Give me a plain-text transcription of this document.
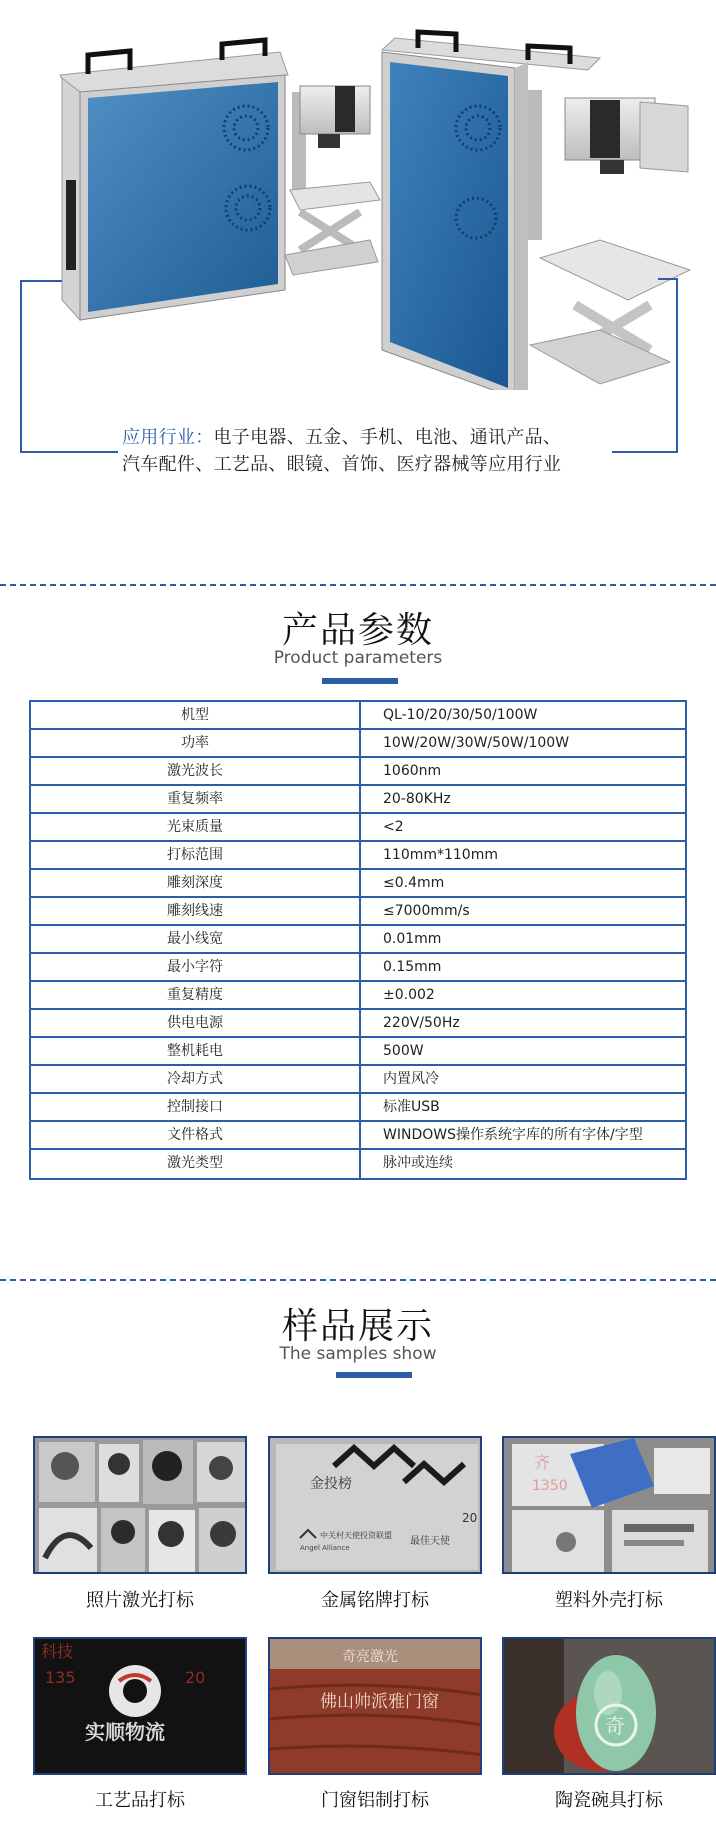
应用行业：电子电器、五金、手机、电池、通讯产品、
汽车配件、工艺品、眼镜、首饰、医疗器械等应用行业
产品参数
Product parameters
机型	QL-10/20/30/50/100W
功率	10W/20W/30W/50W/100W
激光波长	1060nm
重复频率	20-80KHz
光束质量	<2
打标范围	110mm*110mm
雕刻深度	≤0.4mm
雕刻线速	≤7000mm/s
最小线宽	0.01mm
最小字符	0.15mm
重复精度	±0.002
供电电源	220V/50Hz
整机耗电	500W
冷却方式	内置风冷
控制接口	标准USB
文件格式	WINDOWS操作系统字库的所有字体/字型
激光类型	脉冲或连续
样品展示
The samples show
照片激光打标
金投榜
中关村天使投资联盟
Angel Alliance
最佳天使
20
金属铭牌打标
齐
1350
塑料外壳打标
科技
135	20
实顺物流
工艺品打标
奇亮激光
佛山帅派雅门窗
门窗铝制打标
奇
陶瓷碗具打标
